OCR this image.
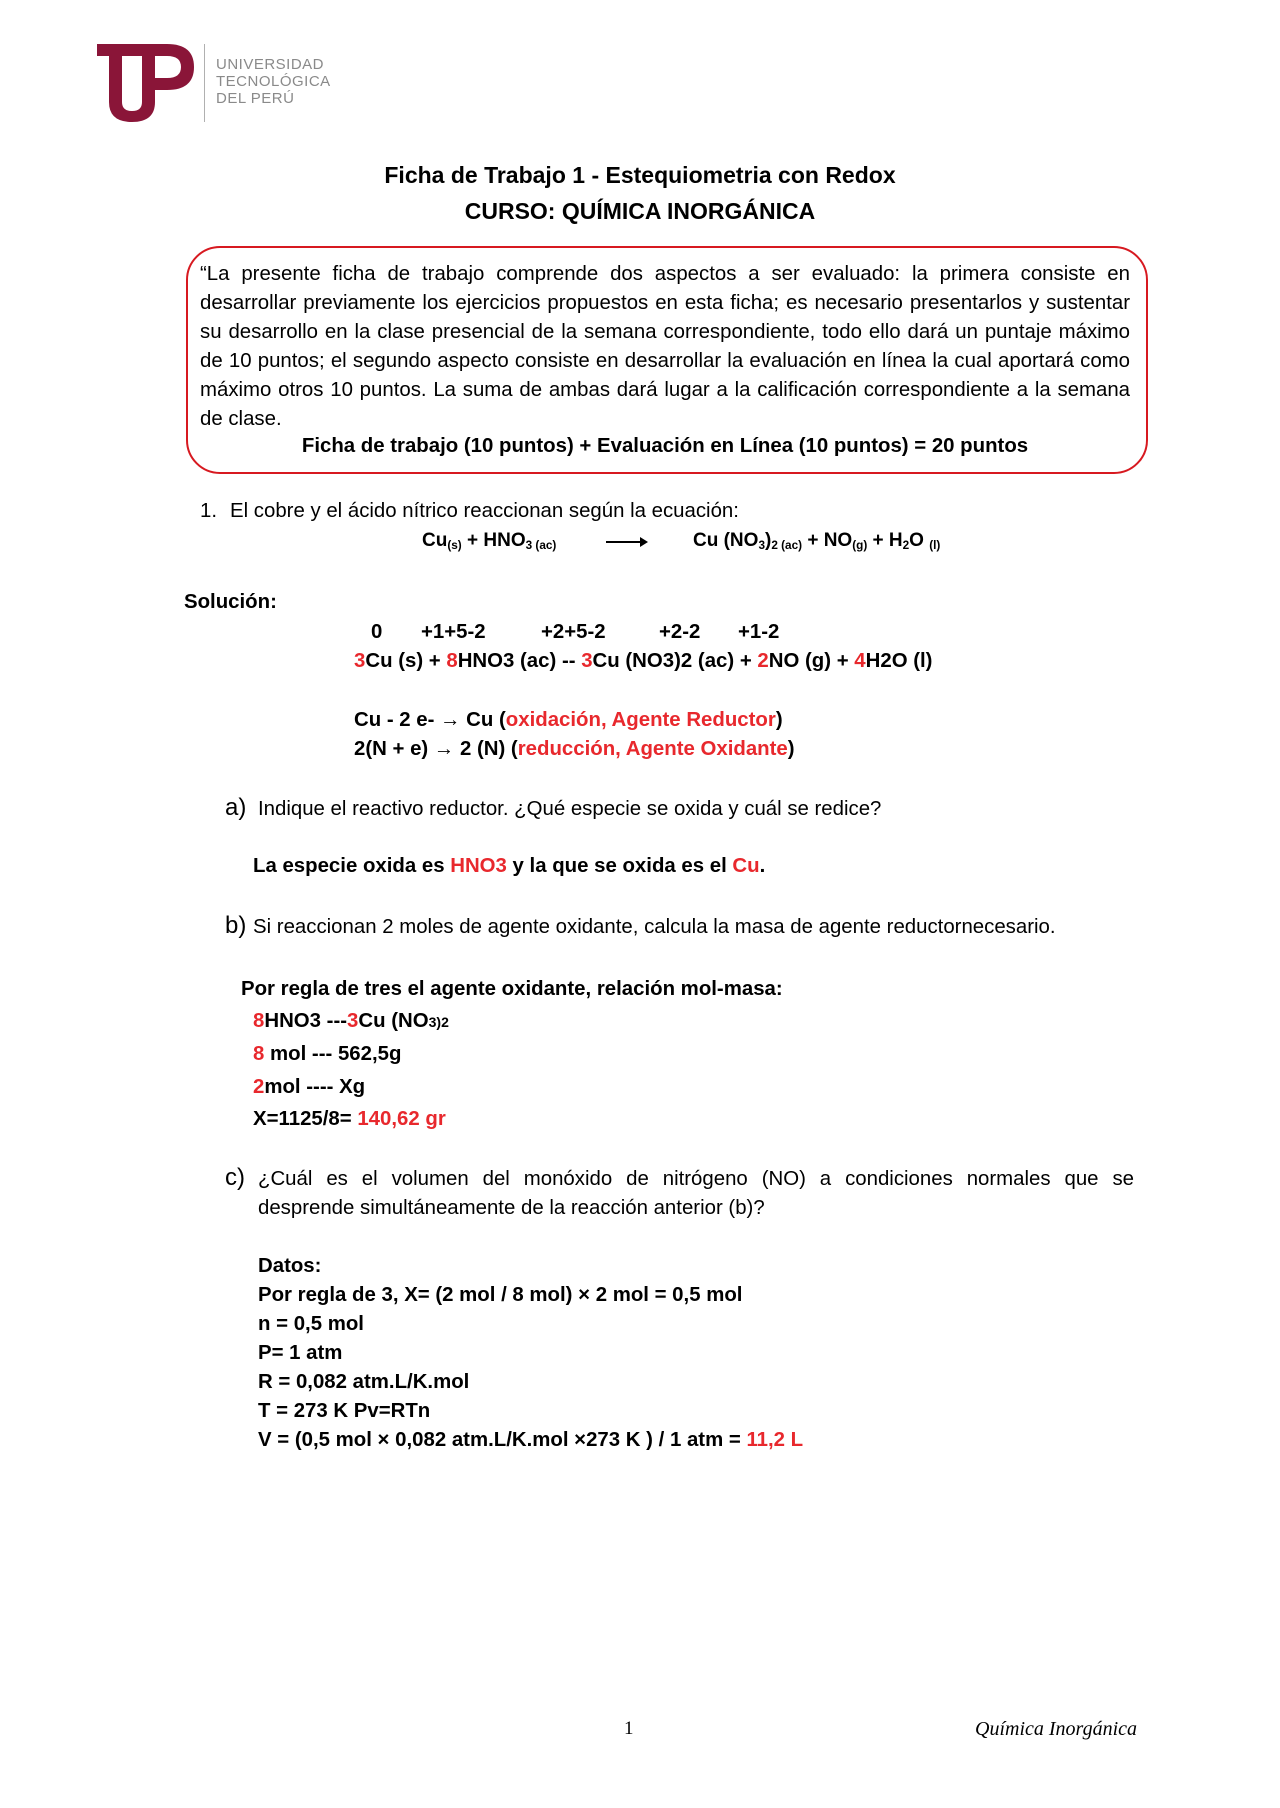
UNIVERSIDAD
TECNOLÓGICA
DEL PERÚ
Ficha de Trabajo 1 - Estequiometria con Redox
CURSO: QUÍMICA INORGÁNICA
“La presente ficha de trabajo comprende dos aspectos a ser evaluado: la primera consiste en desarrollar previamente los ejercicios propuestos en esta ficha; es necesario presentarlos y sustentar su desarrollo en la clase presencial de la semana correspondiente, todo ello dará un puntaje máximo de 10 puntos; el segundo aspecto consiste en desarrollar la evaluación en línea la cual aportará como máximo otros 10 puntos. La suma de ambas dará lugar a la calificación correspondiente a la semana de clase.
Ficha de trabajo (10 puntos) + Evaluación en Línea (10 puntos) = 20 puntos
1. El cobre y el ácido nítrico reaccionan según la ecuación:
$Cu_{(s)} + HNO_{3 (ac)}$	Cu $(NO_3)_{2 (ac)} + NO_{(g)} + H_2O$ $_{(l)}$
Solución:
0 +1+5-2	+2+5-2	+2-2 +1-2
3Cu (s) + 8HNO3 (ac) -- 3Cu (NO3)2 (ac) + 2NO (g) + 4H2O (l)
Cu - 2 e- → Cu (oxidación, Agente Reductor)
2(N + e) → 2 (N) (reducción, Agente Oxidante)
a) Indique el reactivo reductor. ¿Qué especie se oxida y cuál se redice?
La especie oxida es HNO3 y la que se oxida es el Cu.
b) Si reaccionan 2 moles de agente oxidante, calcula la masa de agente reductornecesario.
Por regla de tres el agente oxidante, relación mol-masa:
8HNO3 ---3Cu (NO3)2
8 mol --- 562,5g
2mol ---- Xg
X=1125/8= 140,62 gr
c) ¿Cuál es el volumen del monóxido de nitrógeno (NO) a condiciones normales que se
desprende simultáneamente de la reacción anterior (b)?
Datos:
Por regla de 3, X= (2 mol / 8 mol) × 2 mol = 0,5 mol
n = 0,5 mol
P= 1 atm
R = 0,082 atm.L/K.mol
T = 273 K Pv=RTn
V = (0,5 mol × 0,082 atm.L/K.mol ×273 K ) / 1 atm = 11,2 L
1	Química Inorgánica
